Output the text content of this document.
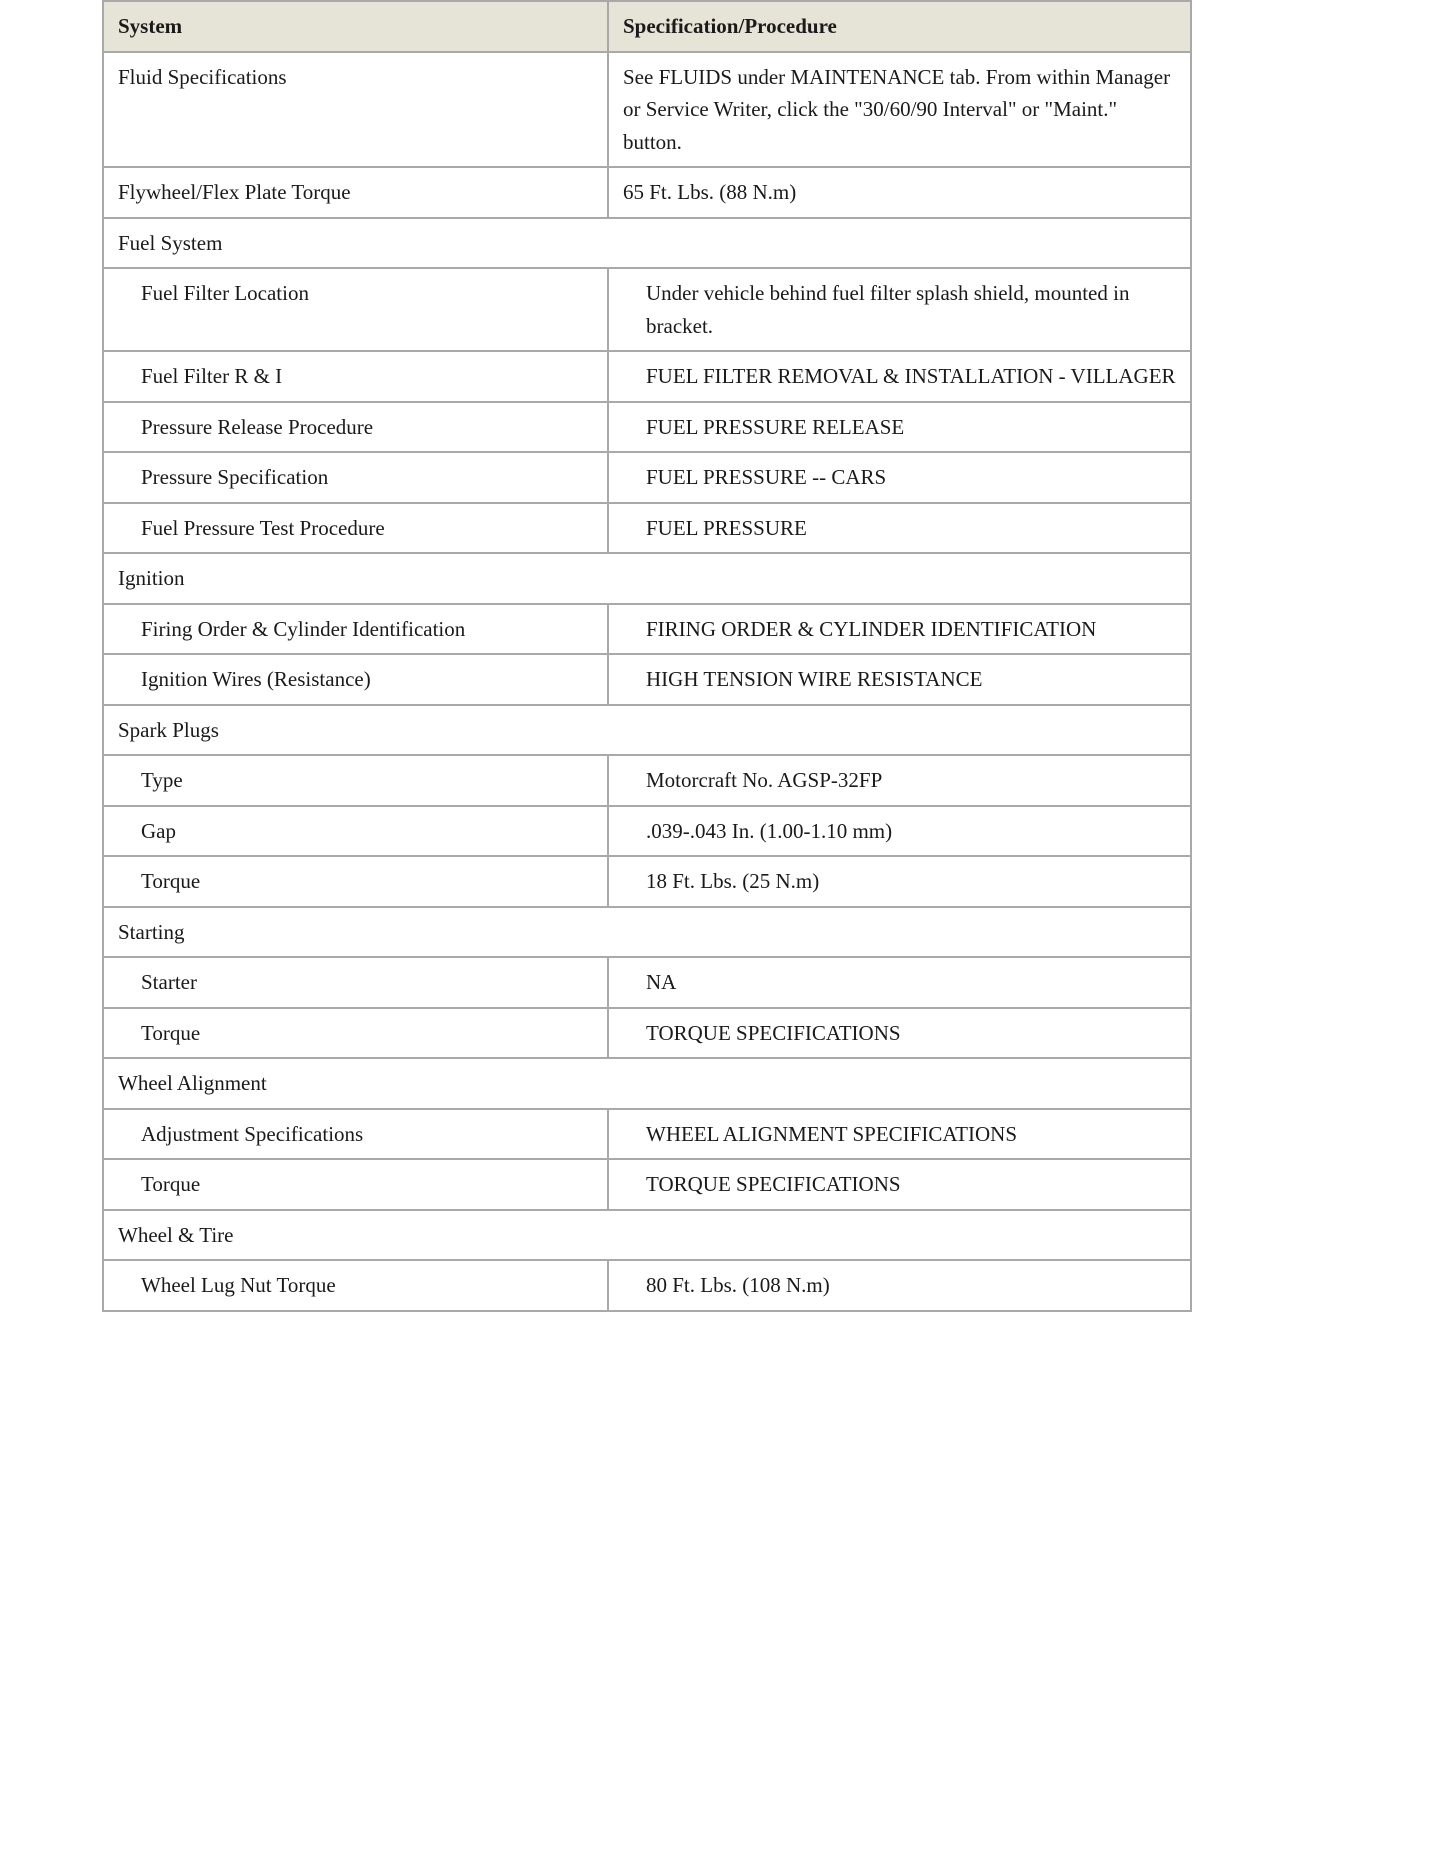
System	Specification/Procedure
Fluid Specifications	See FLUIDS under MAINTENANCE tab. From within Manager or Service Writer, click the "30/60/90 Interval" or "Maint." button.
Flywheel/Flex Plate Torque	65 Ft. Lbs. (88 N.m)
Fuel System	
Fuel Filter Location	Under vehicle behind fuel filter splash shield, mounted in bracket.
Fuel Filter R & I	FUEL FILTER REMOVAL & INSTALLATION - VILLAGER
Pressure Release Procedure	FUEL PRESSURE RELEASE
Pressure Specification	FUEL PRESSURE -- CARS
Fuel Pressure Test Procedure	FUEL PRESSURE
Ignition	
Firing Order & Cylinder Identification	FIRING ORDER & CYLINDER IDENTIFICATION
Ignition Wires (Resistance)	HIGH TENSION WIRE RESISTANCE
Spark Plugs	
Type	Motorcraft No. AGSP-32FP
Gap	.039-.043 In. (1.00-1.10 mm)
Torque	18 Ft. Lbs. (25 N.m)
Starting	
Starter	NA
Torque	TORQUE SPECIFICATIONS
Wheel Alignment	
Adjustment Specifications	WHEEL ALIGNMENT SPECIFICATIONS
Torque	TORQUE SPECIFICATIONS
Wheel & Tire	
Wheel Lug Nut Torque	80 Ft. Lbs. (108 N.m)
